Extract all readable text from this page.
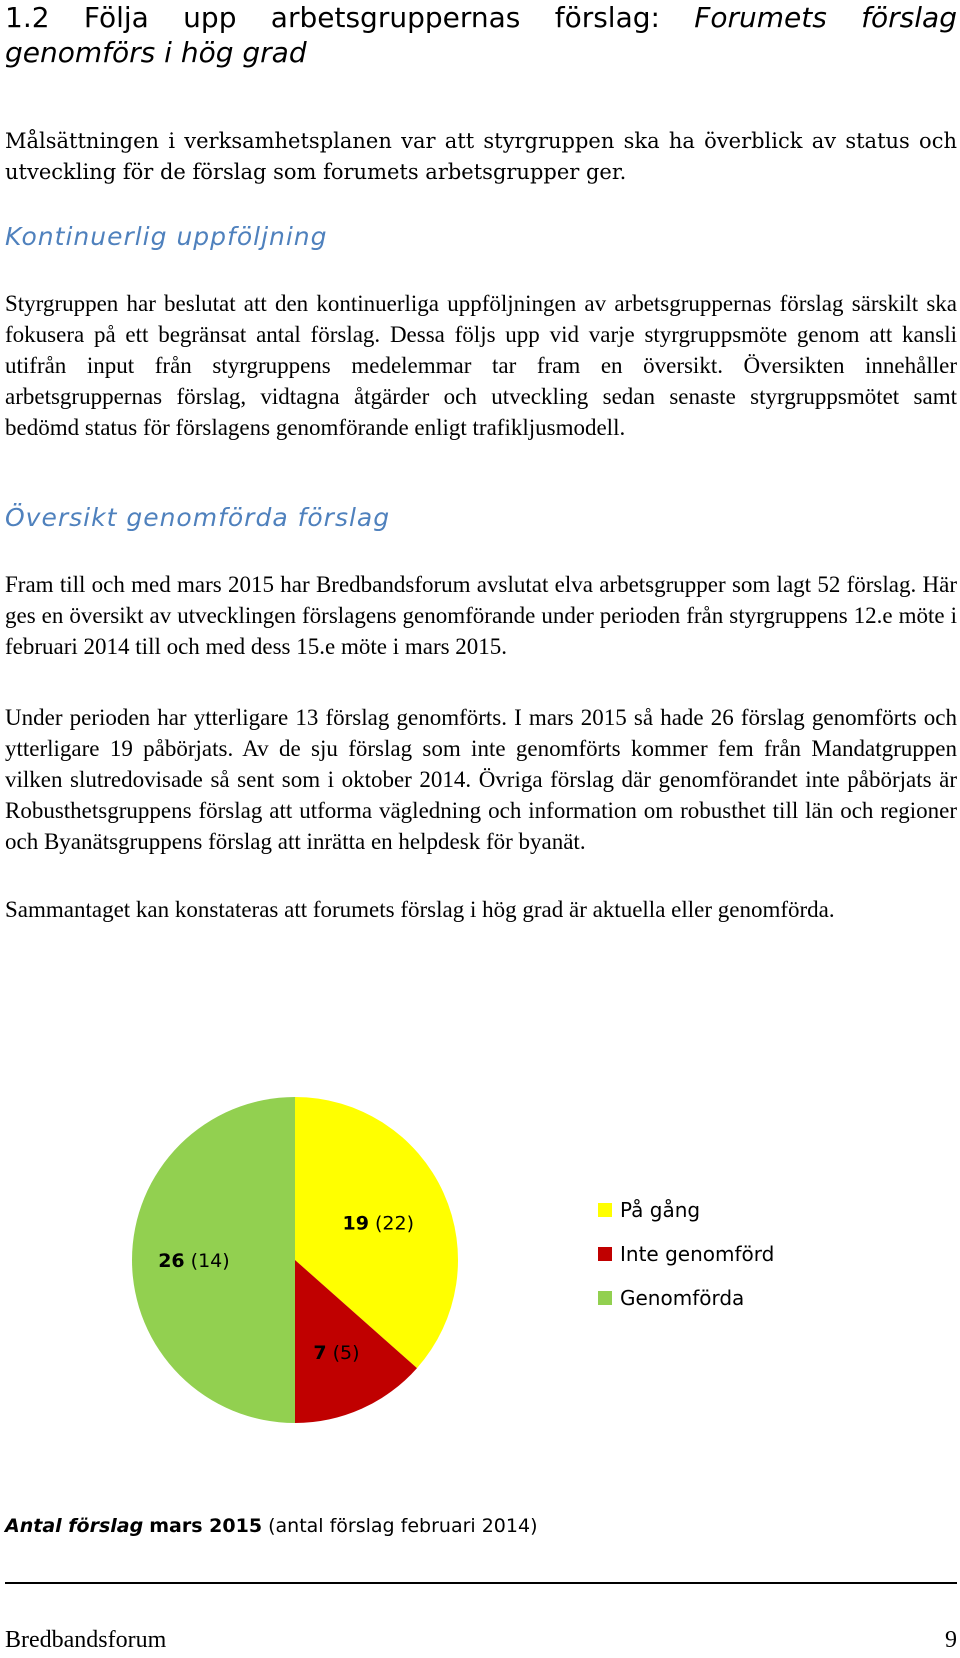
1.2 Följa upp arbetsgruppernas förslag: Forumets förslag genomförs i hög grad
Målsättningen i verksamhetsplanen var att styrgruppen ska ha överblick av status och utveckling för de förslag som forumets arbetsgrupper ger.
Kontinuerlig uppföljning
Styrgruppen har beslutat att den kontinuerliga uppföljningen av arbetsgruppernas förslag särskilt ska fokusera på ett begränsat antal förslag. Dessa följs upp vid varje styrgruppsmöte genom att kansli utifrån input från styrgruppens medelemmar tar fram en översikt. Översikten innehåller arbetsgruppernas förslag, vidtagna åtgärder och utveckling sedan senaste styrgruppsmötet samt bedömd status för förslagens genomförande enligt trafikljusmodell.
Översikt genomförda förslag
Fram till och med mars 2015 har Bredbandsforum avslutat elva arbetsgrupper som lagt 52 förslag. Här ges en översikt av utvecklingen förslagens genomförande under perioden från styrgruppens 12.e möte i februari 2014 till och med dess 15.e möte i mars 2015.
Under perioden har ytterligare 13 förslag genomförts. I mars 2015 så hade 26 förslag genomförts och ytterligare 19 påbörjats. Av de sju förslag som inte genomförts kommer fem från Mandatgruppen vilken slutredovisade så sent som i oktober 2014. Övriga förslag där genomförandet inte påbörjats är Robusthetsgruppens förslag att utforma vägledning och information om robusthet till län och regioner och Byanätsgruppens förslag att inrätta en helpdesk för byanät.
Sammantaget kan konstateras att forumets förslag i hög grad är aktuella eller genomförda.
19 (22)
7 (5)
26 (14)
På gång
Inte genomförd
Genomförda
Antal förslag mars 2015 (antal förslag februari 2014)
Bredbandsforum	9
